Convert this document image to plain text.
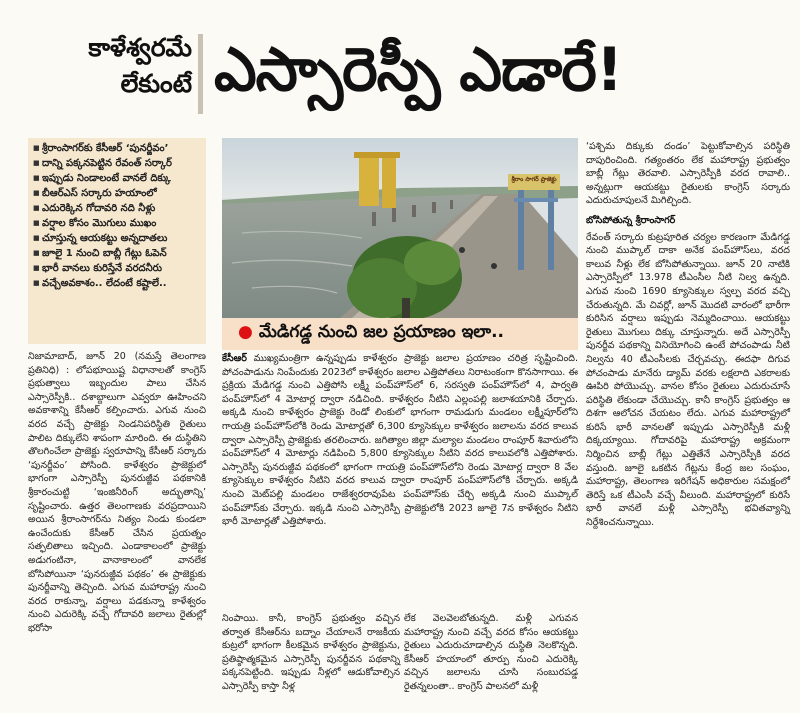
కాళేశ్వరమే
లేకుంటే ఎస్సారెస్పీ ఎడారే!
■ శ్రీరాంసాగర్‌కు కేసీఆర్ ‘పునర్జీవం’
■ దాన్ని పక్కనపెట్టిన రేవంత్ సర్కార్
■ ఇప్పుడు నిండాలంటే వానలే దిక్కు
■ బీఆర్‌ఎస్ సర్కారు హయాంలో
■ ఎదురెక్కిన గోదావరి నది నీళ్లు
■ వర్షాల కోసం మొగులు ముఖం
■ చూస్తున్న ఆయకట్టు అన్నదాతలు
■ జూలై 1 నుంచి బాబ్లీ గేట్లు ఓపెన్
■ భారీ వానలు కురిస్తేనే వరదనీరు
■ వచ్చేఅవకాశం.. లేదంటే కష్టాలే..
శ్రీరాం సాగర్ ప్రాజెక్టు
● మేడిగడ్డ నుంచి జల ప్రయాణం ఇలా..
నిజామాబాద్, జూన్ 20 (నమస్తే తెలంగాణ ప్రతినిధి) : లోపభూయిష్ట విధానాలతో కాంగ్రెస్ ప్రభుత్వాలు ఇబ్బందుల పాలు చేసిన ఎస్సారెస్పీకి.. దశాబ్దాలుగా ఎవ్వరూ ఊహించని అవకాశాన్ని కేసీఆర్ కల్పించారు. ఎగువ నుంచి వరద వచ్చే ప్రాజెక్టు నిండనిపరిస్థితి రైతులు పాలిట దిక్కులేని శాపంగా మారింది. ఈ దుస్థితిని తొలగించేలా ప్రాజెక్టు స్వరూపాన్ని కేసీఆర్ సర్కారు ‘పునర్జీవం’ పోసింది. కాళేశ్వరం ప్రాజెక్టులో భాగంగా ఎస్సారెస్పీ పునరుజ్జీవ పథకానికి శ్రీకారంచుట్టి ‘ఇంజినీరింగ్ అద్భుతాన్ని’ సృష్టించారు. ఉత్తర తెలంగాణకు వరప్రదాయిని అయిన శ్రీరాంసాగర్‌ను నిత్యం నిండు కుండలా ఉంచేందుకు కేసీఆర్ చేసిన ప్రయత్నం సత్ఫలితాలు ఇచ్చింది. ఎండాకాలంలో ప్రాజెక్టు అడుగంటినా, వానాకాలంలో వానలేక బోసిపోయినా ‘పునరుజ్జీవ పథకం’ ఈ ప్రాజెక్టుకు పునర్జీవాన్ని తెచ్చింది. ఎగువ మహారాష్ట్ర నుంచి వరద రాకున్నా, వర్షాలు పడకున్నా కాళేశ్వరం నుంచి ఎదురెక్కి వచ్చే గోదావరి జలాలు రైతుల్లో భరోసా
కేసీఆర్ ముఖ్యమంత్రిగా ఉన్నప్పుడు కాళేశ్వరం ప్రాజెక్టు జలాల ప్రయాణం చరిత్ర సృష్టించింది. పోచంపాడును నింపేందుకు 2023లో కాళేశ్వరం జలాల ఎత్తిపోతలు నిరాటంకంగా కొనసాగాయి. ఈ ప్రక్రియ మేడిగడ్డ నుంచి ఎత్తిపోసి లక్ష్మీ పంప్‌హౌస్‌లో 6, సరస్వతి పంప్‌హౌస్‌లో 4, పార్వతి పంప్‌హౌస్‌లో 4 మోటార్ల ద్వారా నడిచింది. కాళేశ్వరం నీటిని ఎల్లంపల్లి జలాశయానికి చేర్చారు. అక్కడి నుంచి కాళేశ్వరం ప్రాజెక్టు రెండో లింకులో భాగంగా రామడుగు మండలం లక్ష్మీపూర్‌లోని గాయత్రి పంప్‌హౌస్‌లోకి రెండు మోటార్లతో 6,300 క్యూసెక్కుల కాళేశ్వరం జలాలను వరద కాలువ ద్వారా ఎస్సారెస్పీ ప్రాజెక్టుకు తరలించారు. జగిత్యాల జిల్లా మల్యాల మండలం రాంపూర్ శివారులోని పంప్‌హౌస్‌లో 4 మోటార్లు నడిపించి 5,800 క్యూసెక్కుల నీటిని వరద కాలువలోకి ఎత్తిపోశారు. ఎస్సారెస్పీ పునరుజ్జీవ పథకంలో భాగంగా గాయత్రి పంప్‌హౌస్‌లోని రెండు మోటార్ల ద్వారా 8 వేల క్యూసెక్కుల కాళేశ్వరం నీటిని వరద కాలువ ద్వారా రాంపూర్ పంప్‌హౌస్‌లోకి చేర్చారు. అక్కడి నుంచి మెట్‌పల్లి మండలం రాజేశ్వరరావుపేట పంప్‌హౌస్‌కు చేర్చి అక్కడి నుంచి ముప్కాల్ పంప్‌హౌస్‌కు చేర్చారు. ఇక్కడి నుంచి ఎస్సారెస్పీ ప్రాజెక్టులోకి 2023 జూలై 7న కాళేశ్వరం నీటిని భారీ మోటార్లతో ఎత్తిపోశారు.
నింపాయి. కానీ, కాంగ్రెస్ ప్రభుత్వం వచ్చిన తర్వాత కేసీఆర్‌ను బద్నాం చేయాలనే రాజకీయ కుట్రలో భాగంగా కీలకమైన కాళేశ్వరం ప్రాజెక్టును, ప్రతిష్ఠాత్మకమైన ఎస్సారెస్పీ పునర్జీవన పథకాన్ని పక్కనపెట్టింది. ఇప్పుడు నీళ్లలో ఆడుకోవాల్సిన ఎస్సారెస్పీ కాస్తా నీళ్ల
లేక వెలవెలబోతున్నది. మళ్లీ ఎగువన మహారాష్ట్ర నుంచి వచ్చే వరద కోసం ఆయకట్టు రైతులు ఎదురుచూడాల్సిన దుస్థితి నెలకొన్నది. కేసీఆర్ హయాంలో తూర్పు నుంచి ఎదురెక్కి వచ్చిన జలాలను చూసి సంబురపడ్డ రైతన్నలంతా.. కాంగ్రెస్ పాలనలో మళ్లీ
‘పశ్చిమ దిక్కుకు దండం’ పెట్టుకోవాల్సిన పరిస్థితి దాపురించింది. గత్యంతరం లేక మహారాష్ట్ర ప్రభుత్వం బాబ్లీ గేట్లు తెరవాలి. ఎస్సారెస్పీకి వరద రావాలి.. అన్నట్లుగా ఆయకట్టు రైతులకు కాంగ్రెస్ సర్కారు ఎదురుచూపులనే మిగిల్చింది.
బోసిపోతున్న శ్రీరాంసాగర్
రేవంత్ సర్కారు కుట్రపూరిత చర్యల కారణంగా మేడిగడ్డ నుంచి ముప్కాల్ దాకా అనేక పంప్‌హౌస్‌లు, వరద కాలువ నీళ్లు లేక బోసిపోతున్నాయి. జూన్ 20 నాటికి ఎస్సారెస్పీలో 13.978 టీఎంసీల నీటి నిల్వ ఉన్నది. ఎగువ నుంచి 1690 క్యూసెక్కుల స్వల్ప వరద వచ్చి చేరుతున్నది. మే చివర్లో, జూన్ మొదటి వారంలో భారీగా కురిసిన వర్షాలు ఇప్పుడు నెమ్మదించాయి. ఆయకట్టు రైతులు మొగులు దిక్కు చూస్తున్నారు. అదే ఎస్సారెస్పీ పునర్జీవ పథకాన్ని వినియోగించి ఉంటే పోచంపాడు నీటి నిల్వను 40 టీఎంసీలకు చేర్చవచ్చు. ఈదఫా దిగువ పోచంపాడు మానేరు డ్యామ్ వరకు లక్షలాది ఎకరాలకు ఊపిరి పోయొచ్చు. వానల కోసం రైతులు ఎదురుచూసే పరిస్థితి లేకుండా చేయొచ్చు. కానీ కాంగ్రెస్ ప్రభుత్వం ఆ దిశగా ఆలోచన చేయటం లేదు. ఎగువ మహారాష్ట్రలో కురిసే భారీ వానలతో ఇప్పుడు ఎస్సారెస్పీకి మళ్లీ దిక్కయ్యాయి. గోదావరిపై మహారాష్ట్ర అక్రమంగా నిర్మించిన బాబ్లీ గేట్లు ఎత్తితేనే ఎస్సారెస్పీకి వరద వస్తుంది. జూలై ఒకటిన గేట్లను కేంద్ర జల సంఘం, మహారాష్ట్ర, తెలంగాణ ఇరిగేషన్ అధికారుల సమక్షంలో తెరిస్తే ఒక టీఎంసీ వచ్చే వీలుంది. మహారాష్ట్రలో కురిసే భారీ వానలే మళ్లీ ఎస్సారెస్పీ భవితవ్యాన్ని నిర్దేశించనున్నాయి.
